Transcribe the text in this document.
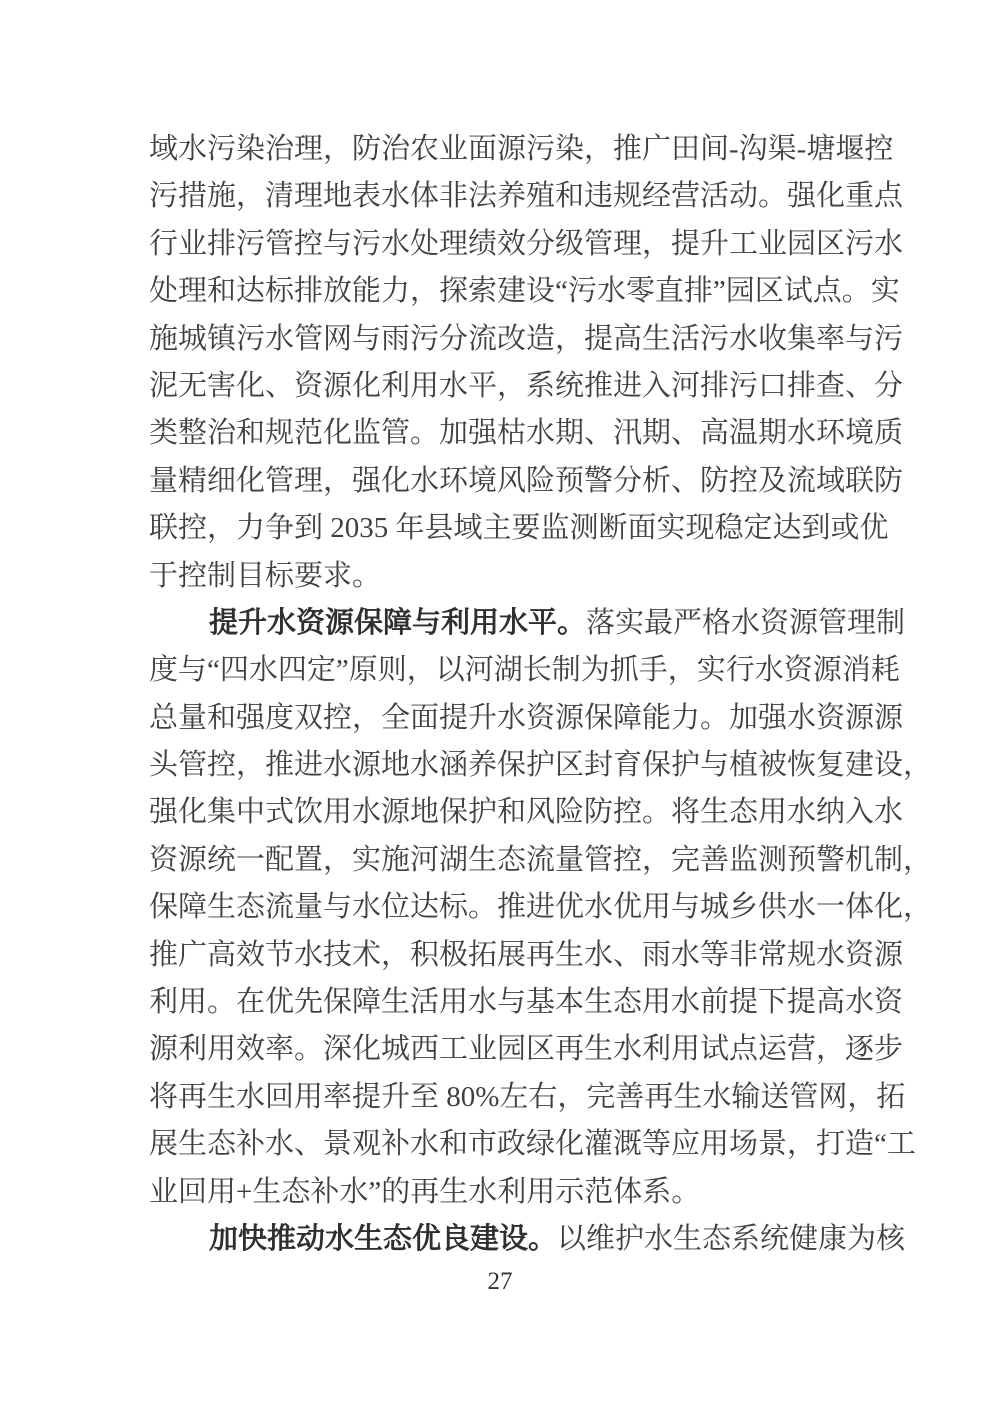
域水污染治理，防治农业面源污染，推广田间-沟渠-塘堰控
污措施，清理地表水体非法养殖和违规经营活动。强化重点
行业排污管控与污水处理绩效分级管理，提升工业园区污水
处理和达标排放能力，探索建设“污水零直排”园区试点。实
施城镇污水管网与雨污分流改造，提高生活污水收集率与污
泥无害化、资源化利用水平，系统推进入河排污口排查、分
类整治和规范化监管。加强枯水期、汛期、高温期水环境质
量精细化管理，强化水环境风险预警分析、防控及流域联防
联控，力争到 2035 年县域主要监测断面实现稳定达到或优
于控制目标要求。
提升水资源保障与利用水平。落实最严格水资源管理制
度与“四水四定”原则，以河湖长制为抓手，实行水资源消耗
总量和强度双控，全面提升水资源保障能力。加强水资源源
头管控，推进水源地水涵养保护区封育保护与植被恢复建设，
强化集中式饮用水源地保护和风险防控。将生态用水纳入水
资源统一配置，实施河湖生态流量管控，完善监测预警机制，
保障生态流量与水位达标。推进优水优用与城乡供水一体化，
推广高效节水技术，积极拓展再生水、雨水等非常规水资源
利用。在优先保障生活用水与基本生态用水前提下提高水资
源利用效率。深化城西工业园区再生水利用试点运营，逐步
将再生水回用率提升至 80%左右，完善再生水输送管网，拓
展生态补水、景观补水和市政绿化灌溉等应用场景，打造“工
业回用+生态补水”的再生水利用示范体系。
加快推动水生态优良建设。以维护水生态系统健康为核
27
